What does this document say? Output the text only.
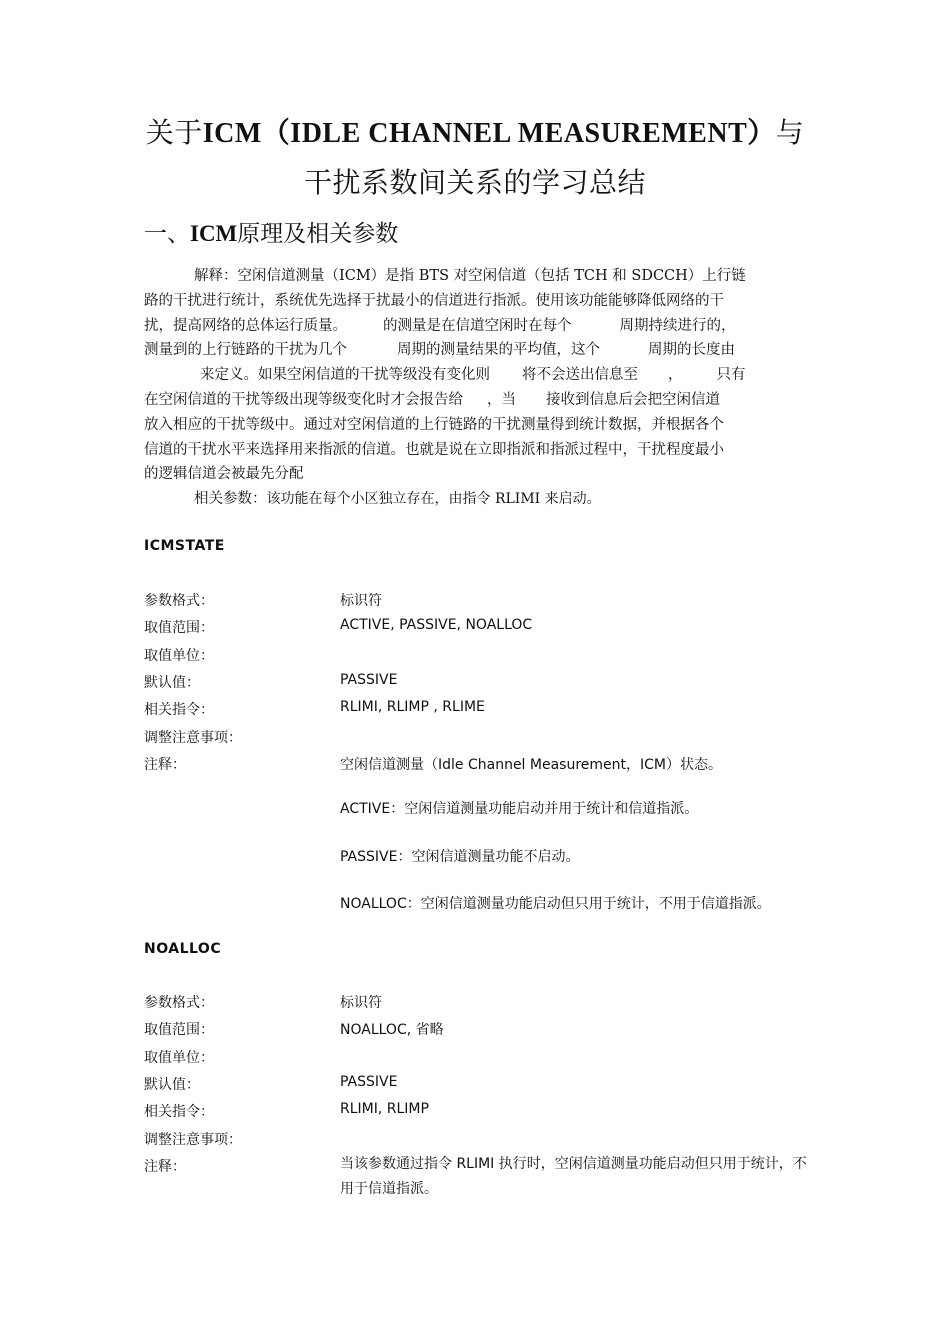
关于ICM（IDLE CHANNEL MEASUREMENT）与
干扰系数间关系的学习总结
一、ICM原理及相关参数
解释：空闲信道测量（ICM）是指 BTS 对空闲信道（包括 TCH 和 SDCCH）上行链
路的干扰进行统计，系统优先选择于扰最小的信道进行指派。使用该功能能够降低网络的干
扰，提高网络的总体运行质量。 的测量是在信道空闲时在每个	周期持续进行的，
测量到的上行链路的干扰为几个	周期的测量结果的平均值，这个	周期的长度由
来定义。如果空闲信道的干扰等级没有变化则 将不会送出信息至 ， 只有
在空闲信道的干扰等级出现等级变化时才会报告给 ，当 接收到信息后会把空闲信道
放入相应的干扰等级中。通过对空闲信道的上行链路的干扰测量得到统计数据，并根据各个
信道的干扰水平来选择用来指派的信道。也就是说在立即指派和指派过程中，干扰程度最小
的逻辑信道会被最先分配
相关参数：该功能在每个小区独立存在，由指令 RLIMI 来启动。
ICMSTATE
参数格式：	标识符
取值范围：	ACTIVE, PASSIVE, NOALLOC
取值单位：
默认值：	PASSIVE
相关指令：	RLIMI, RLIMP , RLIME
调整注意事项：
注释：	空闲信道测量（Idle Channel Measurement，ICM）状态。
ACTIVE：空闲信道测量功能启动并用于统计和信道指派。
PASSIVE：空闲信道测量功能不启动。
NOALLOC：空闲信道测量功能启动但只用于统计，不用于信道指派。
NOALLOC
参数格式：	标识符
取值范围：	NOALLOC, 省略
取值单位：
默认值：	PASSIVE
相关指令：	RLIMI, RLIMP
调整注意事项：
注释：	当该参数通过指令 RLIMI 执行时，空闲信道测量功能启动但只用于统计，不用于信道指派。
